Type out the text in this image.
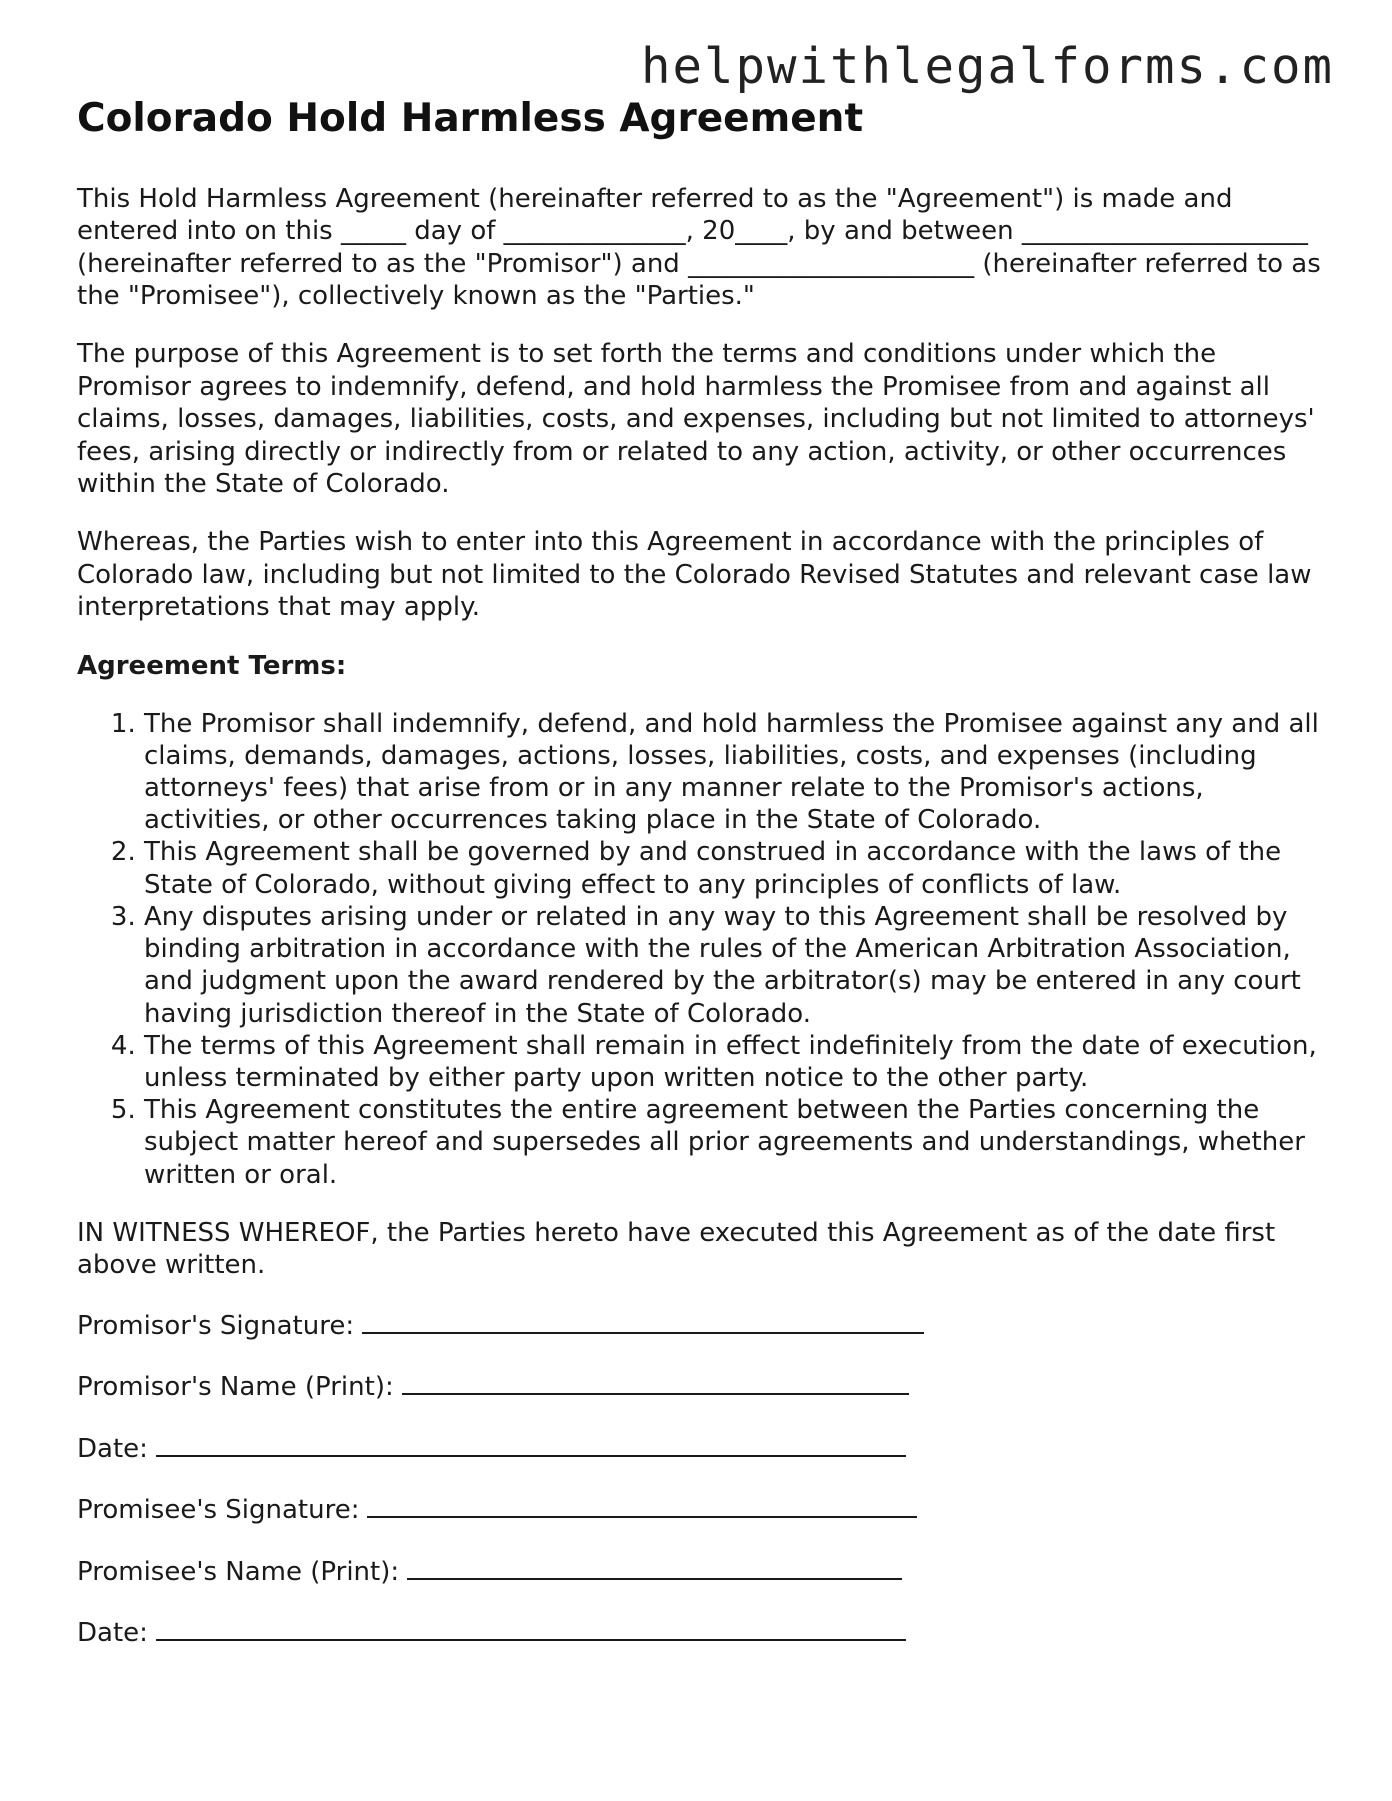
helpwithlegalforms.com
Colorado Hold Harmless Agreement

This Hold Harmless Agreement (hereinafter referred to as the "Agreement") is made and entered into on this _____ day of ______________, 20____, by and between ______________________ (hereinafter referred to as the "Promisor") and ______________________ (hereinafter referred to as the "Promisee"), collectively known as the "Parties."

The purpose of this Agreement is to set forth the terms and conditions under which the Promisor agrees to indemnify, defend, and hold harmless the Promisee from and against all claims, losses, damages, liabilities, costs, and expenses, including but not limited to attorneys' fees, arising directly or indirectly from or related to any action, activity, or other occurrences within the State of Colorado.

Whereas, the Parties wish to enter into this Agreement in accordance with the principles of Colorado law, including but not limited to the Colorado Revised Statutes and relevant case law interpretations that may apply.

Agreement Terms:
1. The Promisor shall indemnify, defend, and hold harmless the Promisee against any and all claims, demands, damages, actions, losses, liabilities, costs, and expenses (including attorneys' fees) that arise from or in any manner relate to the Promisor's actions, activities, or other occurrences taking place in the State of Colorado.
2. This Agreement shall be governed by and construed in accordance with the laws of the State of Colorado, without giving effect to any principles of conflicts of law.
3. Any disputes arising under or related in any way to this Agreement shall be resolved by binding arbitration in accordance with the rules of the American Arbitration Association, and judgment upon the award rendered by the arbitrator(s) may be entered in any court having jurisdiction thereof in the State of Colorado.
4. The terms of this Agreement shall remain in effect indefinitely from the date of execution, unless terminated by either party upon written notice to the other party.
5. This Agreement constitutes the entire agreement between the Parties concerning the subject matter hereof and supersedes all prior agreements and understandings, whether written or oral.

IN WITNESS WHEREOF, the Parties hereto have executed this Agreement as of the date first above written.

Promisor's Signature:
Promisor's Name (Print):
Date:
Promisee's Signature:
Promisee's Name (Print):
Date:
